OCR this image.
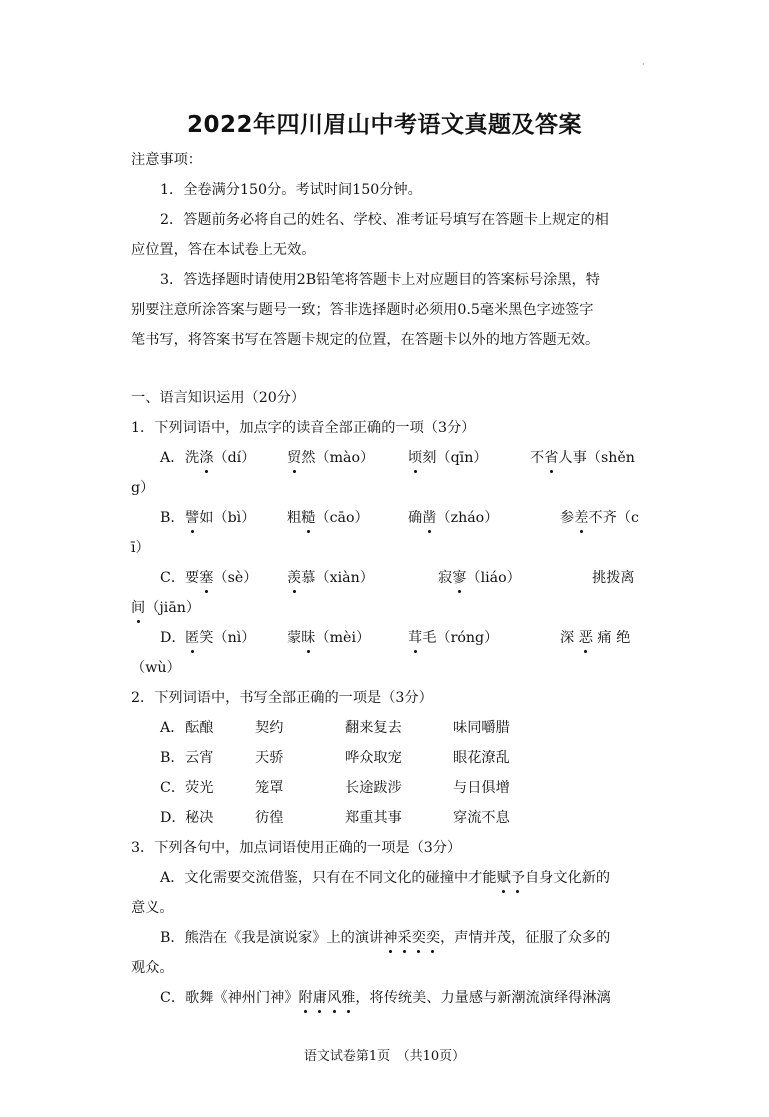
·
2022年四川眉山中考语文真题及答案
注意事项：
1．全卷满分150分。考试时间150分钟。
2．答题前务必将自己的姓名、学校、准考证号填写在答题卡上规定的相
应位置，答在本试卷上无效。
3．答选择题时请使用2B铅笔将答题卡上对应题目的答案标号涂黑，特
别要注意所涂答案与题号一致；答非选择题时必须用0.5毫米黑色字迹签字
笔书写，将答案书写在答题卡规定的位置，在答题卡以外的地方答题无效。
一、语言知识运用（20分）
1．下列词语中，加点字的读音全部正确的一项（3分）
A． 洗涤（dí） 贸然（mào） 顷刻（qīn）	不省人事（shěn
g）
B． 譬如（bì） 粗糙（cāo）	确凿（zháo）	参差不齐（c
ī）
C． 要塞（sè） 羡慕（xiàn）	寂寥（liáo）	挑拨离
间（jiān）
D． 匿笑（nì） 蒙昧（mèi）	茸毛（róng）	深 恶 痛 绝
（wù）
2．下列词语中，书写全部正确的一项是（3分）
A． 酝酿	契约	翻来复去	味同嚼腊
B． 云宵	天骄	哗众取宠	眼花潦乱
C． 荧光	笼罩	长途跋涉	与日俱增
D． 秘决	彷徨	郑重其事	穿流不息
3．下列各句中，加点词语使用正确的一项是（3分）
A．文化需要交流借鉴，只有在不同文化的碰撞中才能赋予自身文化新的
意义。
B．熊浩在《我是演说家》上的演讲神采奕奕，声情并茂，征服了众多的
观众。
C．歌舞《神州门神》附庸风雅，将传统美、力量感与新潮流演绎得淋漓
语文试卷第1页　（共10页）
